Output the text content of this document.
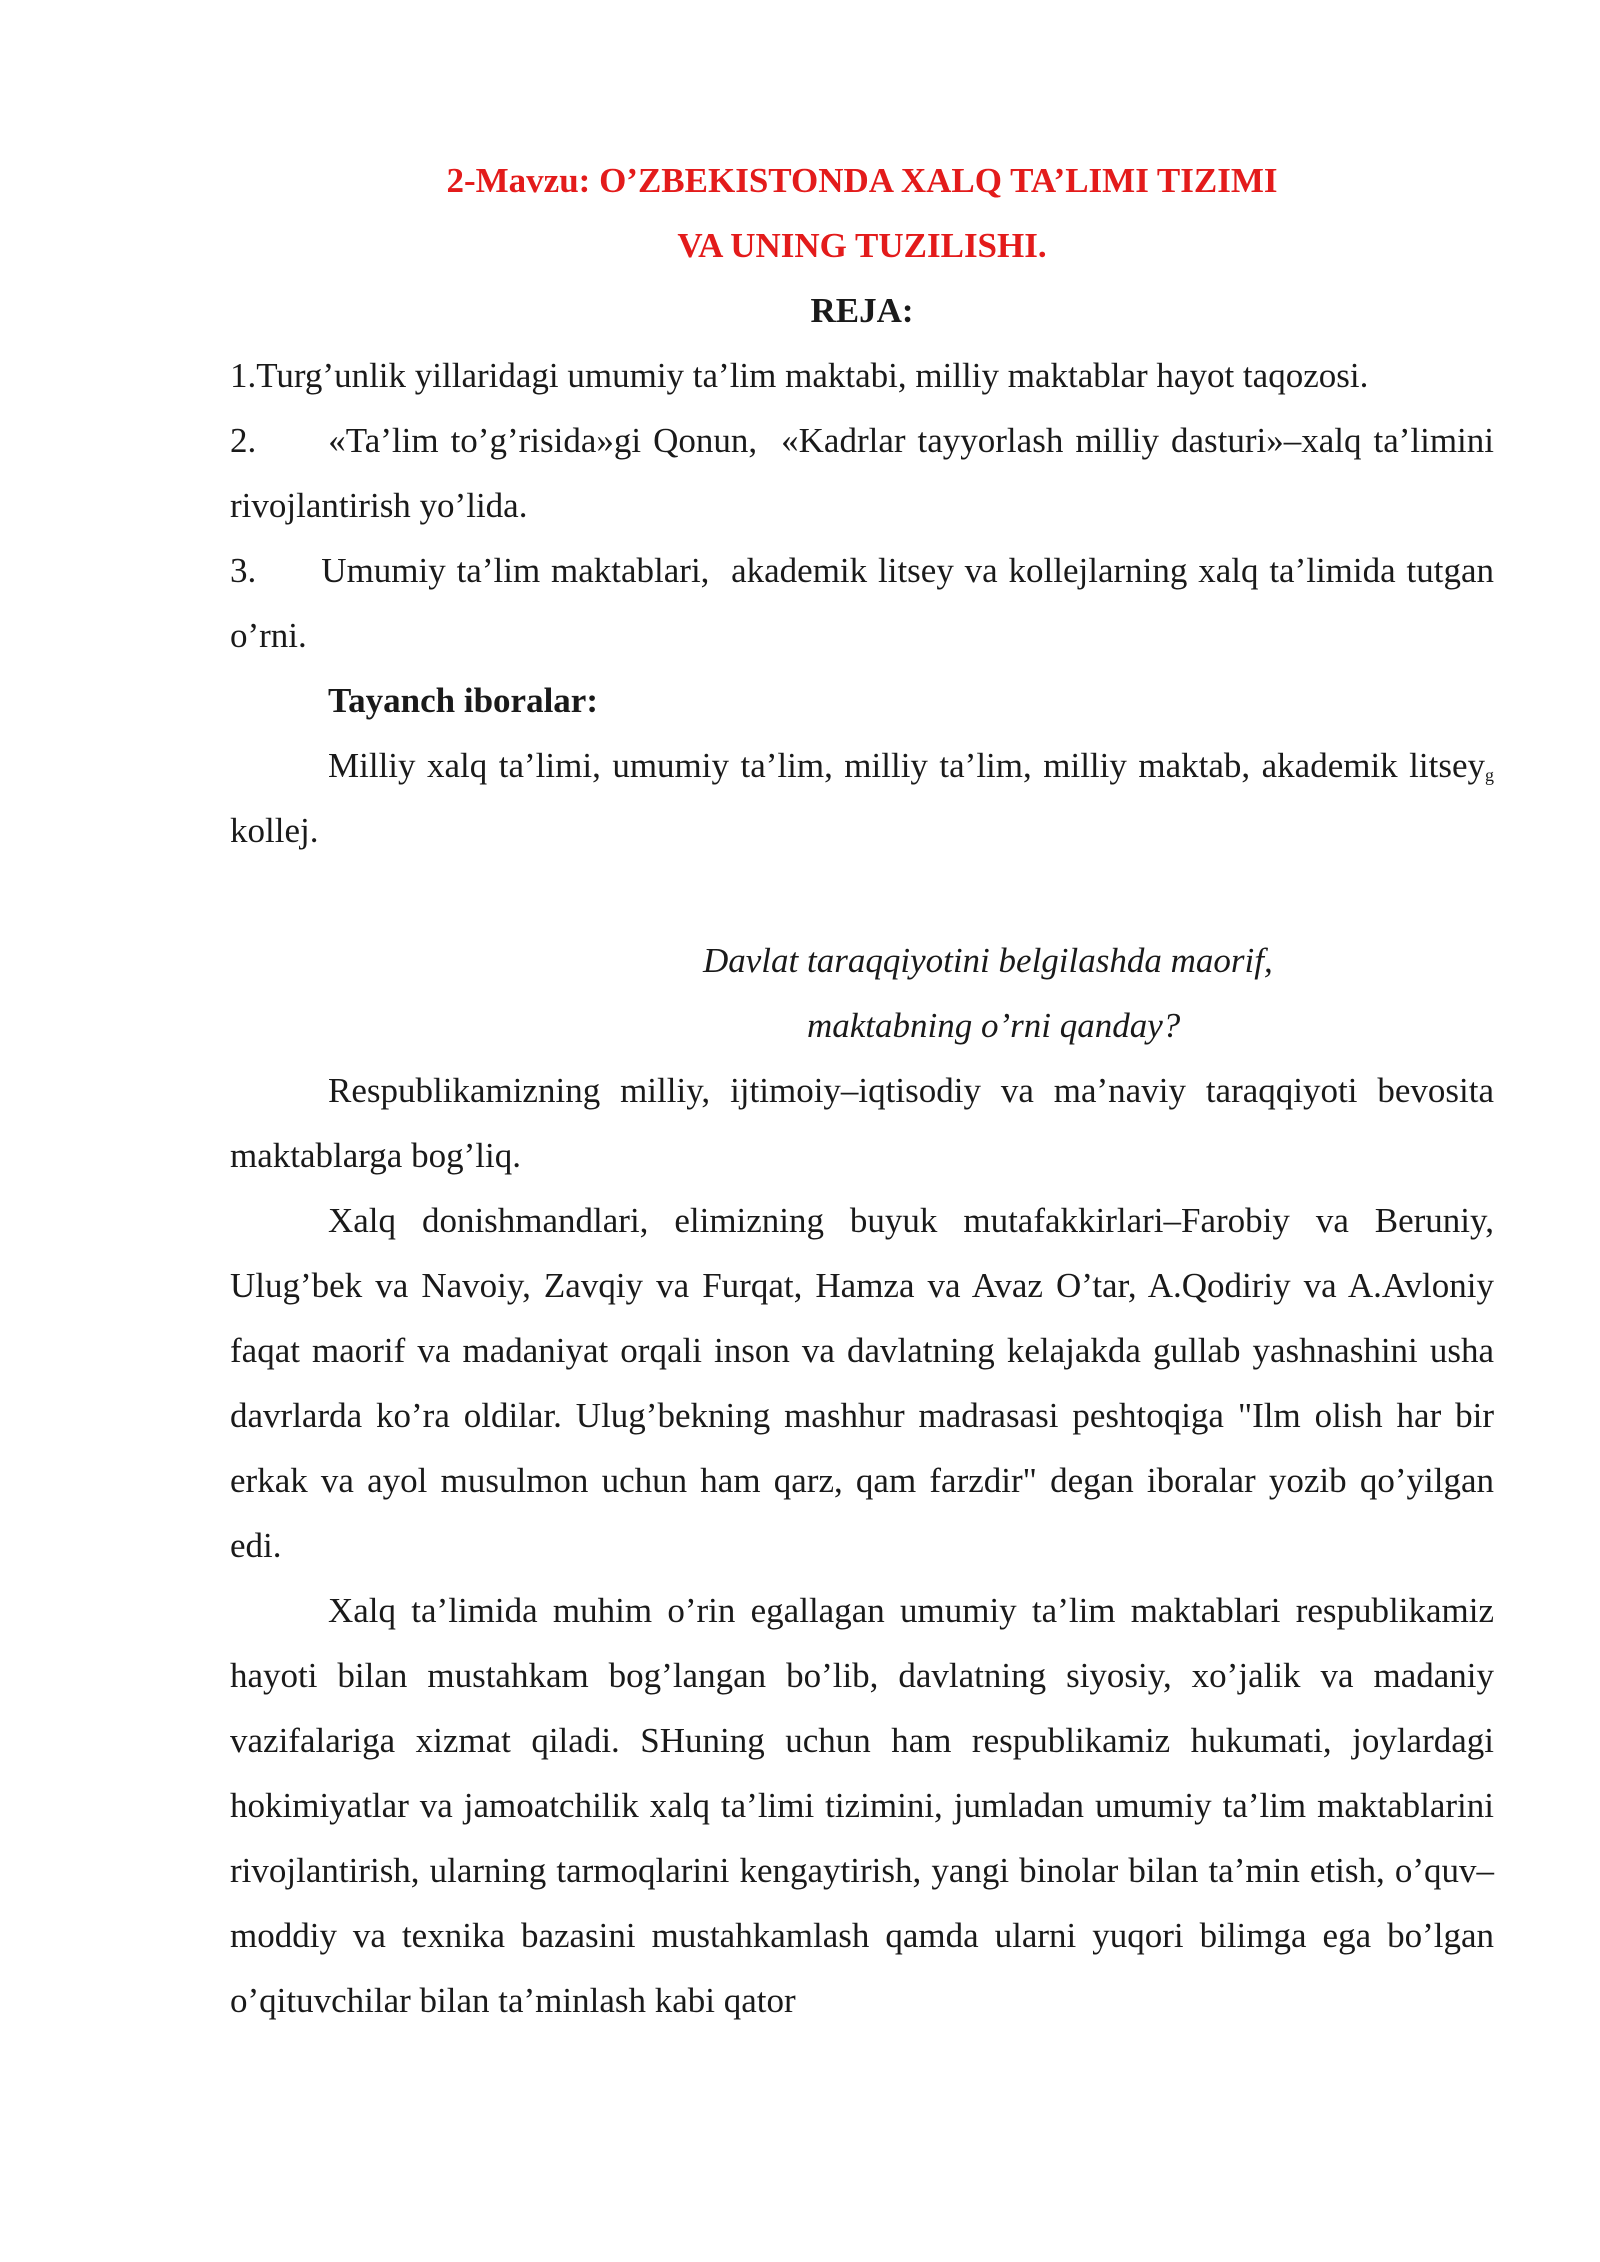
2-Mavzu: O’ZBEKISTONDA XALQ TA’LIMI TIZIMI
VA UNING TUZILISHI.
REJA:

1.Turg’unlik yillaridagi umumiy ta’lim maktabi, milliy maktablar hayot taqozosi.

2.      «Ta’lim to’g’risida»gi Qonun,  «Kadrlar tayyorlash milliy dasturi»–xalq ta’limini rivojlantirish yo’lida.

3.      Umumiy ta’lim maktablari,  akademik litsey va kollejlarning xalq ta’limida tutgan o’rni.

Tayanch iboralar:

Milliy xalq ta’limi, umumiy ta’lim, milliy ta’lim, milliy maktab, akademik litsey$_g$ kollej.

Davlat taraqqiyotini belgilashda maorif,
maktabning o’rni qanday?

Respublikamizning milliy, ijtimoiy–iqtisodiy va ma’naviy taraqqiyoti bevosita maktablarga bog’liq.

Xalq donishmandlari, elimizning buyuk mutafakkirlari–Farobiy va Beruniy, Ulug’bek va Navoiy, Zavqiy va Furqat, Hamza va Avaz O’tar, A.Qodiriy va A.Avloniy faqat maorif va madaniyat orqali inson va davlatning kelajakda gullab yashnashini usha davrlarda ko’ra oldilar. Ulug’bekning mashhur madrasasi peshtoqiga "Ilm olish har bir erkak va ayol musulmon uchun ham qarz, qam farzdir" degan iboralar yozib qo’yilgan edi.

Xalq ta’limida muhim o’rin egallagan umumiy ta’lim maktablari respublikamiz hayoti bilan mustahkam bog’langan bo’lib, davlatning siyosiy, xo’jalik va madaniy vazifalariga xizmat qiladi. SHuning uchun ham respublikamiz hukumati, joylardagi hokimiyatlar va jamoatchilik xalq ta’limi tizimini, jumladan umumiy ta’lim maktablarini rivojlantirish, ularning tarmoqlarini kengaytirish, yangi binolar bilan ta’min etish, o’quv–moddiy va texnika bazasini mustahkamlash qamda ularni yuqori bilimga ega bo’lgan o’qituvchilar bilan ta’minlash kabi qator
